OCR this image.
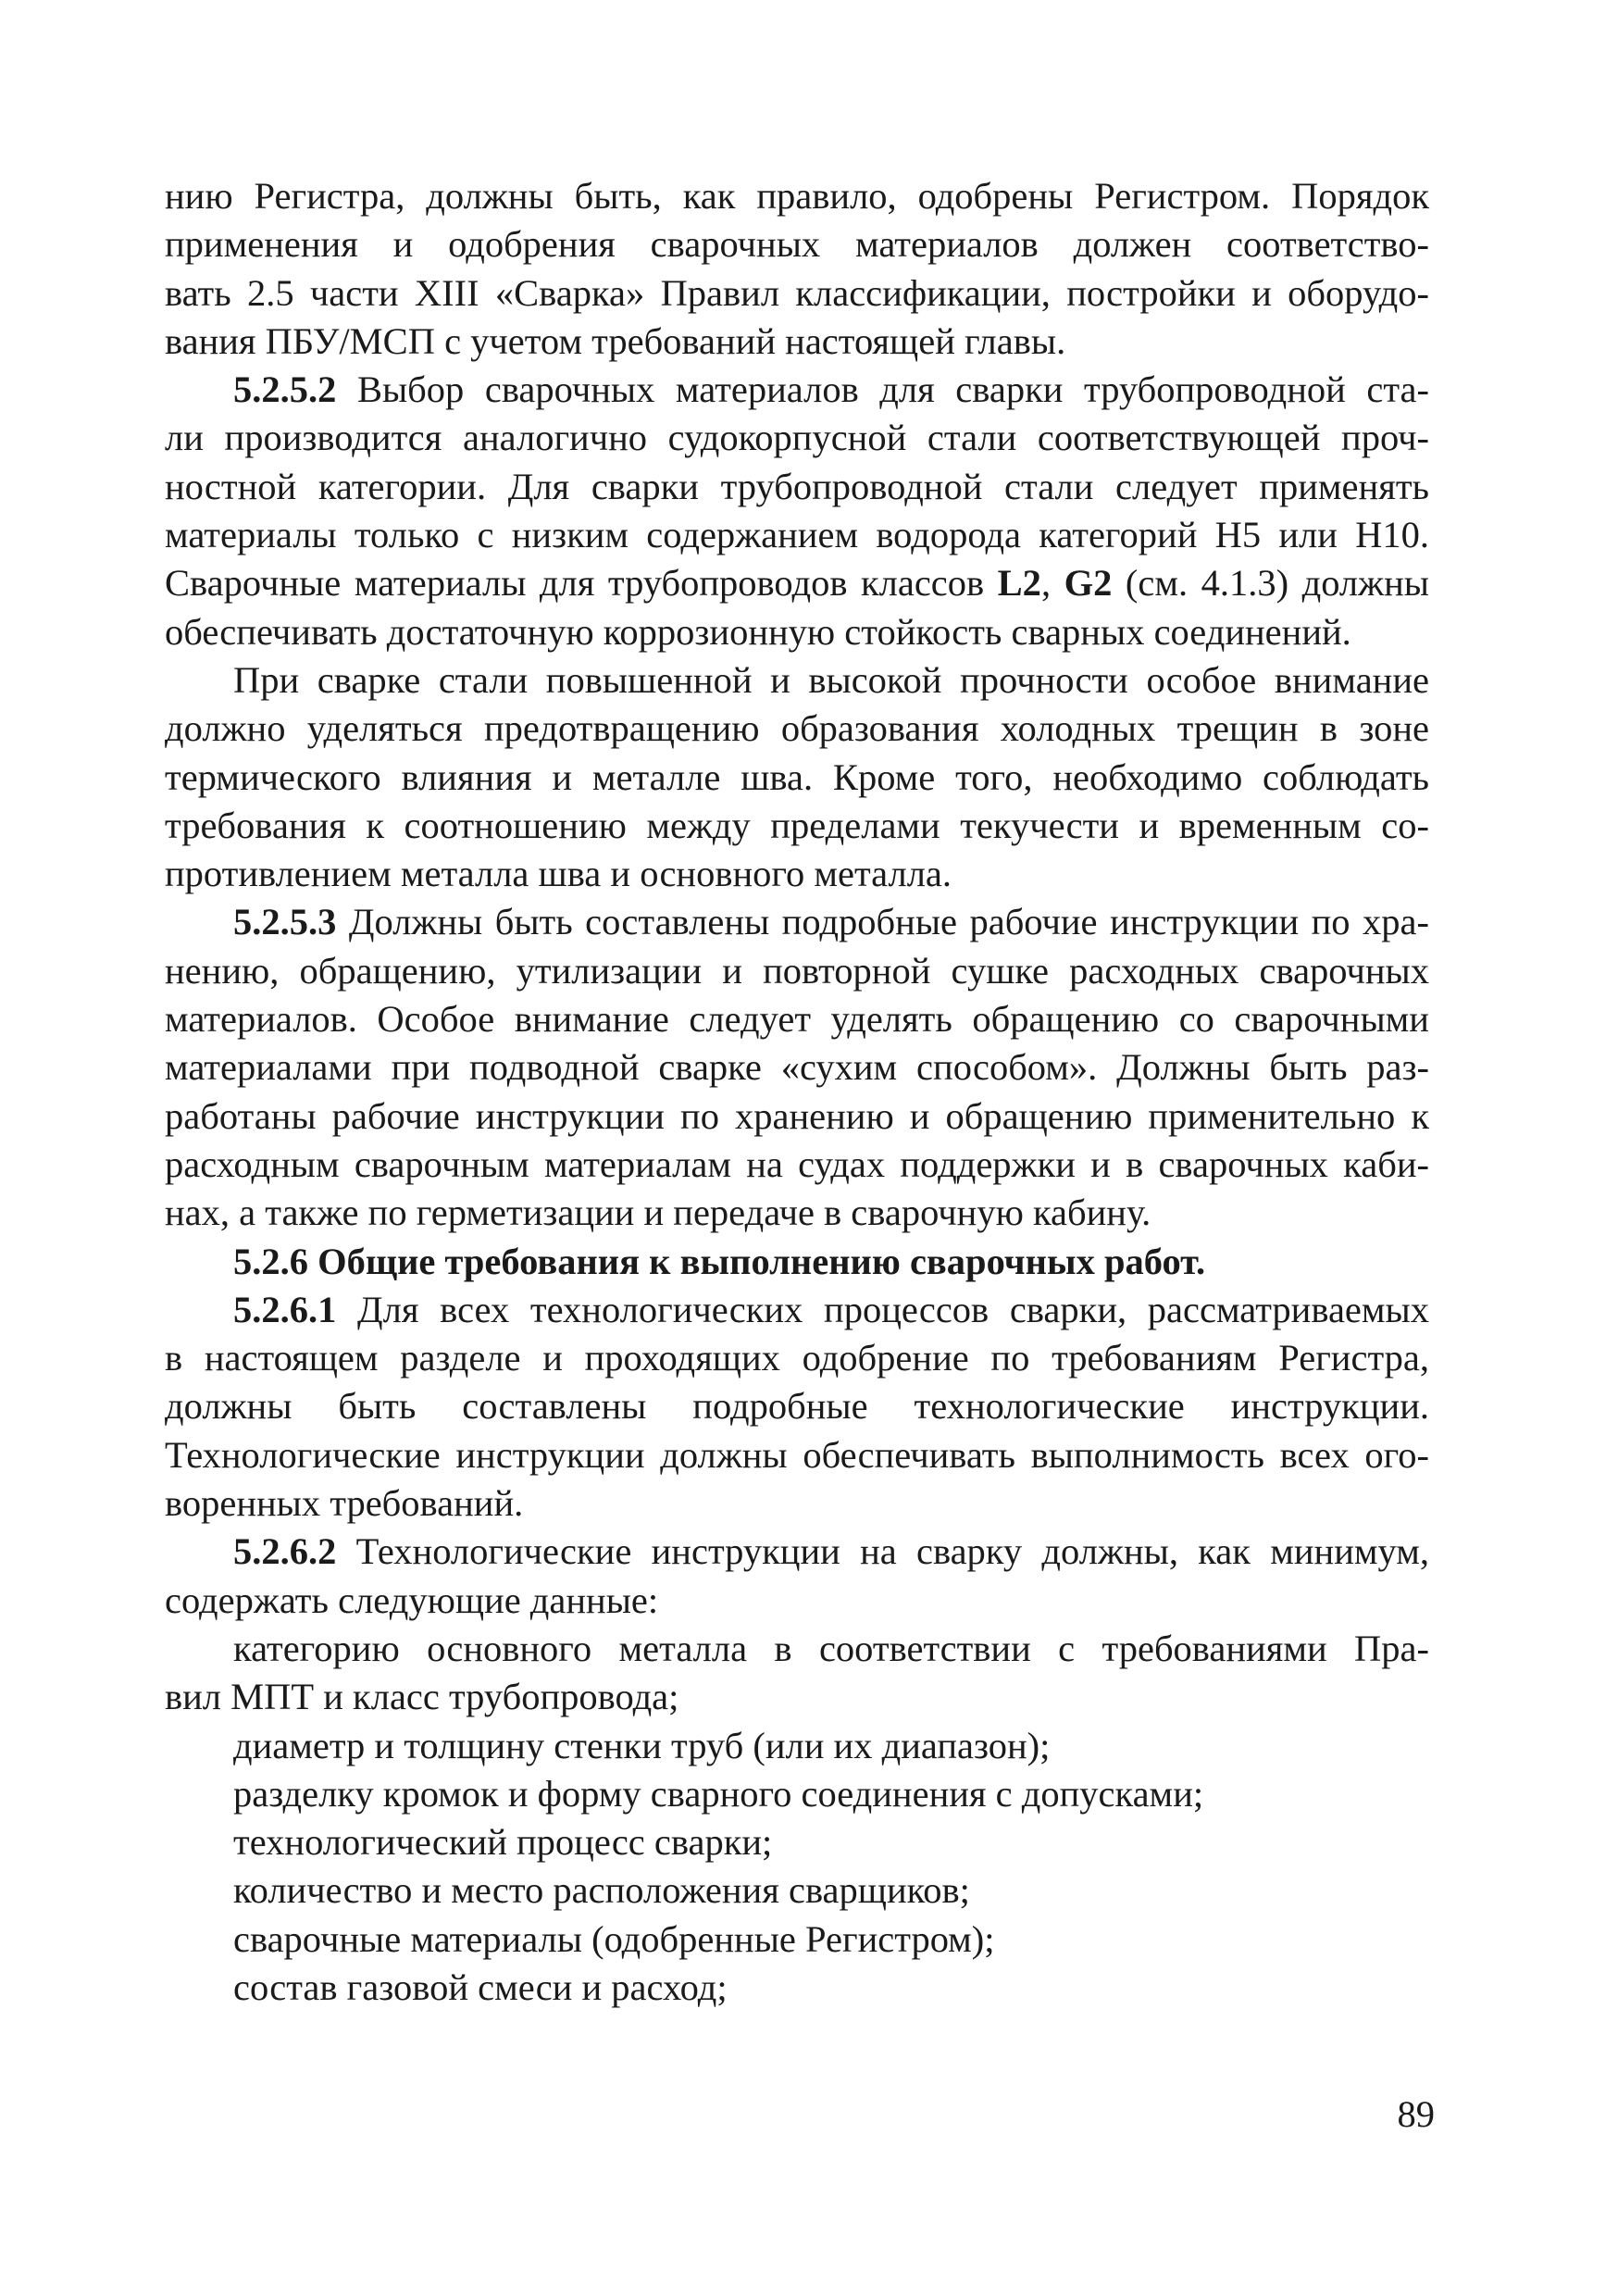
нию Регистра, должны быть, как правило, одобрены Регистром. Порядок
применения и одобрения сварочных материалов должен соответство-
вать 2.5 части XIII «Сварка» Правил классификации, постройки и оборудо-
вания ПБУ/МСП с учетом требований настоящей главы.
5.2.5.2 Выбор сварочных материалов для сварки трубопроводной ста-
ли производится аналогично судокорпусной стали соответствующей проч-
ностной категории. Для сварки трубопроводной стали следует применять
материалы только с низким содержанием водорода категорий H5 или H10.
Сварочные материалы для трубопроводов классов L2, G2 (см. 4.1.3) должны
обеспечивать достаточную коррозионную стойкость сварных соединений.
При сварке стали повышенной и высокой прочности особое внимание
должно уделяться предотвращению образования холодных трещин в зоне
термического влияния и металле шва. Кроме того, необходимо соблюдать
требования к соотношению между пределами текучести и временным со-
противлением металла шва и основного металла.
5.2.5.3 Должны быть составлены подробные рабочие инструкции по хра-
нению, обращению, утилизации и повторной сушке расходных сварочных
материалов. Особое внимание следует уделять обращению со сварочными
материалами при подводной сварке «сухим способом». Должны быть раз-
работаны рабочие инструкции по хранению и обращению применительно к
расходным сварочным материалам на судах поддержки и в сварочных каби-
нах, а также по герметизации и передаче в сварочную кабину.
5.2.6 Общие требования к выполнению сварочных работ.
5.2.6.1 Для всех технологических процессов сварки, рассматриваемых
в настоящем разделе и проходящих одобрение по требованиям Регистра,
должны быть составлены подробные технологические инструкции.
Технологические инструкции должны обеспечивать выполнимость всех ого-
воренных требований.
5.2.6.2 Технологические инструкции на сварку должны, как минимум,
содержать следующие данные:
категорию основного металла в соответствии с требованиями Пра-
вил МПТ и класс трубопровода;
диаметр и толщину стенки труб (или их диапазон);
разделку кромок и форму сварного соединения с допусками;
технологический процесс сварки;
количество и место расположения сварщиков;
сварочные материалы (одобренные Регистром);
состав газовой смеси и расход;
89
